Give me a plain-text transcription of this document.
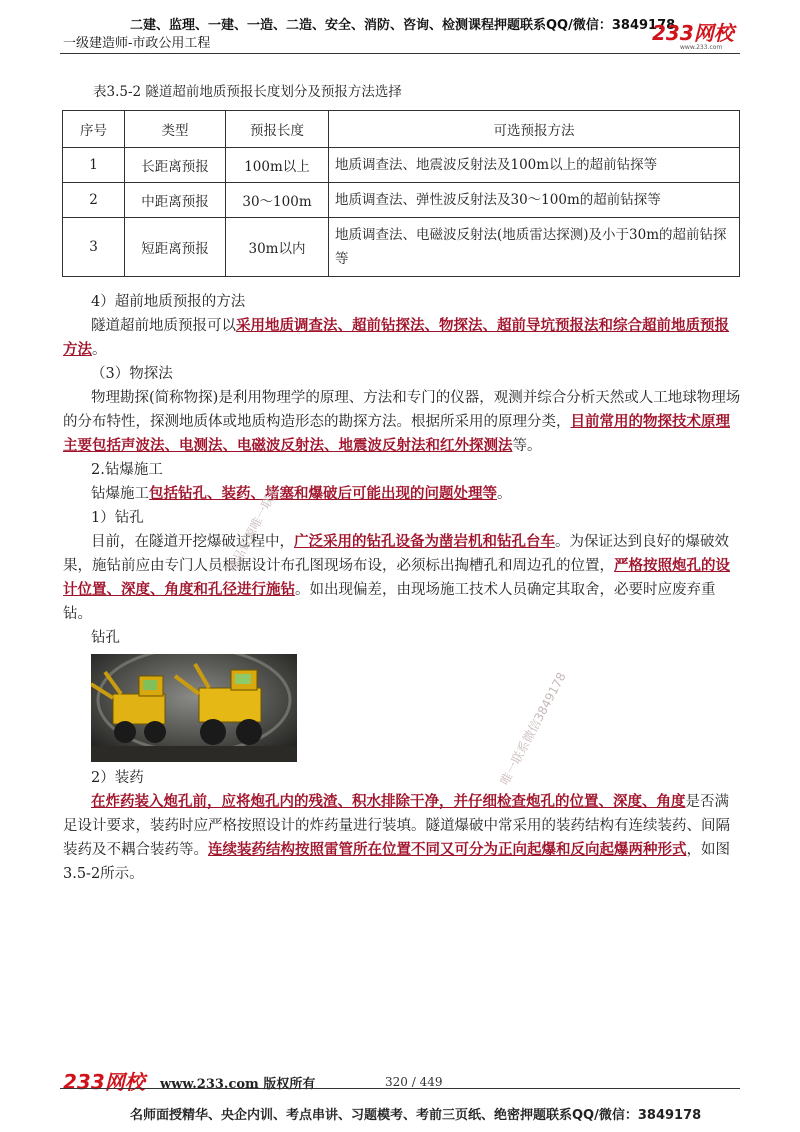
二建、监理、一建、一造、二造、安全、消防、咨询、检测课程押题联系QQ/微信：3849178
一级建造师-市政公用工程	233网校
www.233.com
表3.5-2 隧道超前地质预报长度划分及预报方法选择
序号	类型	预报长度	可选预报方法
1	长距离预报	100m以上	地质调查法、地震波反射法及100m以上的超前钻探等
2	中距离预报	30～100m	地质调查法、弹性波反射法及30～100m的超前钻探等
3	短距离预报	30m以内	地质调查法、电磁波反射法(地质雷达探测)及小于30m的超前钻探等

4）超前地质预报的方法

隧道超前地质预报可以采用地质调查法、超前钻探法、物探法、超前导坑预报法和综合超前地质预报方法。

（3）物探法

物理勘探(简称物探)是利用物理学的原理、方法和专门的仪器，观测并综合分析天然或人工地球物理场的分布特性，探测地质体或地质构造形态的勘探方法。根据所采用的原理分类，目前常用的物探技术原理主要包括声波法、电测法、电磁波反射法、地震波反射法和红外探测法等。

2.钻爆施工

钻爆施工包括钻孔、装药、堵塞和爆破后可能出现的问题处理等。

1）钻孔

目前，在隧道开挖爆破过程中，广泛采用的钻孔设备为凿岩机和钻孔台车。为保证达到良好的爆破效果，施钻前应由专门人员根据设计布孔图现场布设，必须标出掏槽孔和周边孔的位置，严格按照炮孔的设计位置、深度、角度和孔径进行施钻。如出现偏差，由现场施工技术人员确定其取舍，必要时应废弃重钻。

钻孔

2）装药

在炸药装入炮孔前，应将炮孔内的残渣、积水排除干净，并仔细检查炮孔的位置、深度、角度是否满足设计要求，装药时应严格按照设计的炸药量进行装填。隧道爆破中常采用的装药结构有连续装药、间隔装药及不耦合装药等。连续装药结构按照雷管所在位置不同又可分为正向起爆和反向起爆两种形式，如图3.5-2所示。

精品资源唯一联系
唯一联系微信3849178
233网校	www.233.com 版权所有	320 / 449
名师面授精华、央企内训、考点串讲、习题模考、考前三页纸、绝密押题联系QQ/微信：3849178
